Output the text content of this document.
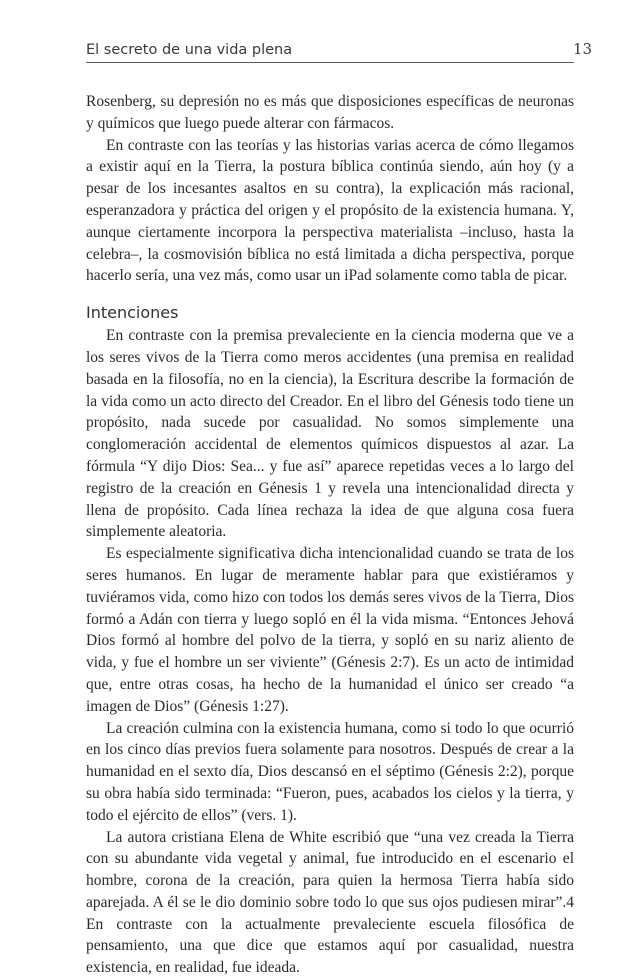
El secreto de una vida plena	13

Rosenberg, su depresión no es más que disposiciones específicas de neuronas y químicos que luego puede alterar con fármacos.

En contraste con las teorías y las historias varias acerca de cómo llegamos a existir aquí en la Tierra, la postura bíblica continúa siendo, aún hoy (y a pesar de los incesantes asaltos en su contra), la explicación más racional, esperanzadora y práctica del origen y el propósito de la existencia humana. Y, aunque ciertamente incorpora la perspectiva materialista –incluso, hasta la celebra–, la cosmovisión bíblica no está limitada a dicha perspectiva, porque hacerlo sería, una vez más, como usar un iPad solamente como tabla de picar.

Intenciones

En contraste con la premisa prevaleciente en la ciencia moderna que ve a los seres vivos de la Tierra como meros accidentes (una premisa en realidad basada en la filosofía, no en la ciencia), la Escritura describe la formación de la vida como un acto directo del Creador. En el libro del Génesis todo tiene un propósito, nada sucede por casualidad. No somos simplemente una conglomeración accidental de elementos químicos dispuestos al azar. La fórmula “Y dijo Dios: Sea... y fue así” aparece repetidas veces a lo largo del registro de la creación en Génesis 1 y revela una intencionalidad directa y llena de propósito. Cada línea rechaza la idea de que alguna cosa fuera simplemente aleatoria.

Es especialmente significativa dicha intencionalidad cuando se trata de los seres humanos. En lugar de meramente hablar para que existiéramos y tuviéramos vida, como hizo con todos los demás seres vivos de la Tierra, Dios formó a Adán con tierra y luego sopló en él la vida misma. “Entonces Jehová Dios formó al hombre del polvo de la tierra, y sopló en su nariz aliento de vida, y fue el hombre un ser viviente” (Génesis 2:7). Es un acto de intimidad que, entre otras cosas, ha hecho de la humanidad el único ser creado “a imagen de Dios” (Génesis 1:27).

La creación culmina con la existencia humana, como si todo lo que ocurrió en los cinco días previos fuera solamente para nosotros. Después de crear a la humanidad en el sexto día, Dios descansó en el séptimo (Génesis 2:2), porque su obra había sido terminada: “Fueron, pues, acabados los cielos y la tierra, y todo el ejército de ellos” (vers. 1).

La autora cristiana Elena de White escribió que “una vez creada la Tierra con su abundante vida vegetal y animal, fue introducido en el escenario el hombre, corona de la creación, para quien la hermosa Tierra había sido aparejada. A él se le dio dominio sobre todo lo que sus ojos pudiesen mirar”.4 En contraste con la actualmente prevaleciente escuela filosófica de pensamiento, una que dice que estamos aquí por casualidad, nuestra existencia, en realidad, fue ideada.
